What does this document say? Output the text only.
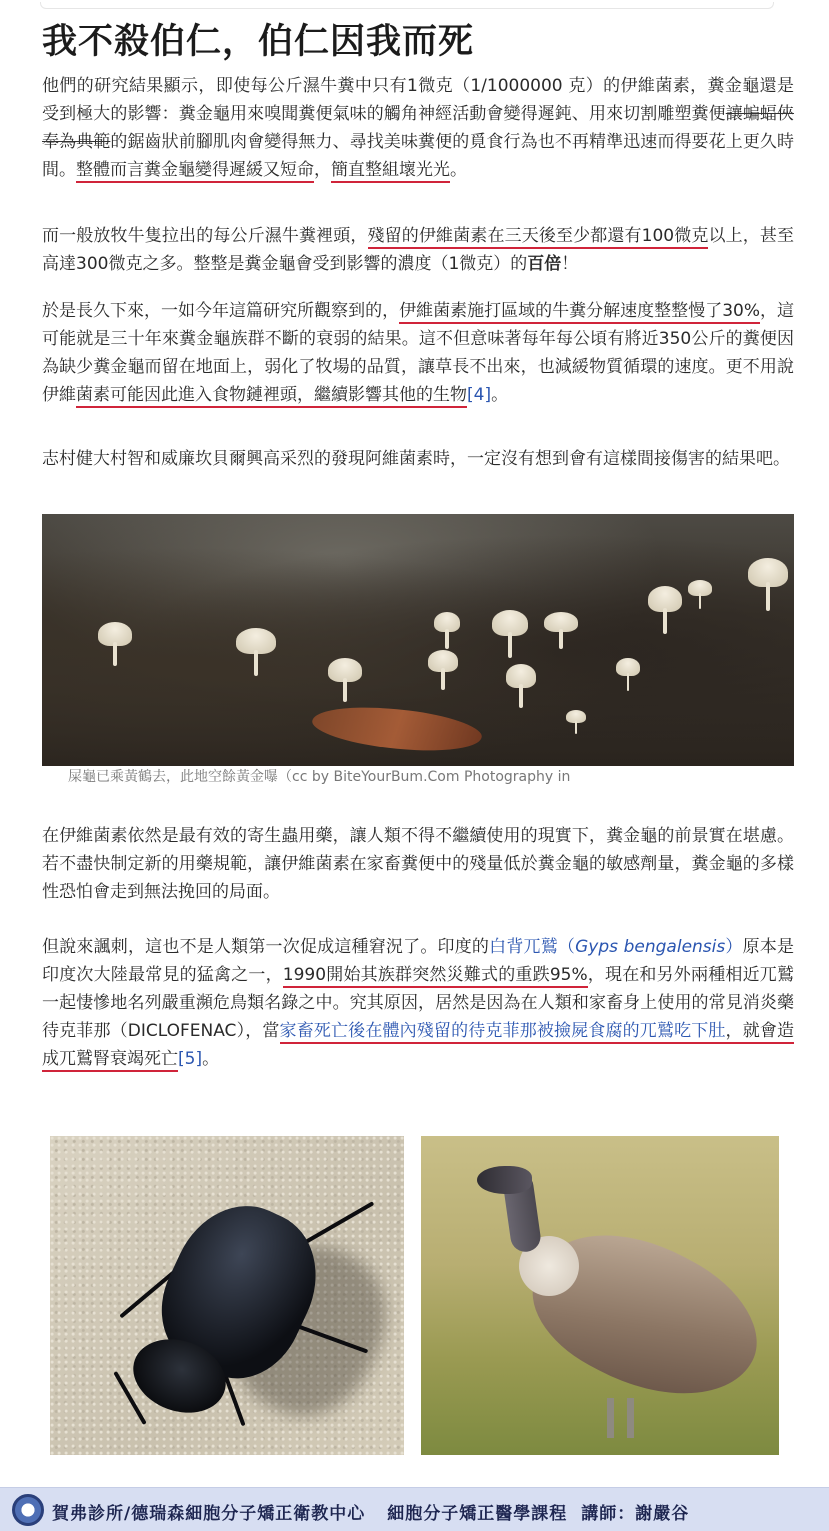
我不殺伯仁，伯仁因我而死

他們的研究結果顯示，即使每公斤濕牛糞中只有1微克（1/1000000 克）的伊維菌素，糞金龜還是受到極大的影響：糞金龜用來嗅聞糞便氣味的觸角神經活動會變得遲鈍、用來切割雕塑糞便讓蝙蝠俠奉為典範的鋸齒狀前腳肌肉會變得無力、尋找美味糞便的覓食行為也不再精準迅速而得要花上更久時間。整體而言糞金龜變得遲緩又短命，簡直整組壞光光。

而一般放牧牛隻拉出的每公斤濕牛糞裡頭，殘留的伊維菌素在三天後至少都還有100微克以上，甚至高達300微克之多。整整是糞金龜會受到影響的濃度（1微克）的百倍！

於是長久下來，一如今年這篇研究所觀察到的，伊維菌素施打區域的牛糞分解速度整整慢了30%，這可能就是三十年來糞金龜族群不斷的衰弱的結果。這不但意味著每年每公頃有將近350公斤的糞便因為缺少糞金龜而留在地面上，弱化了牧場的品質，讓草長不出來，也減緩物質循環的速度。更不用說伊維菌素可能因此進入食物鏈裡頭，繼續影響其他的生物[4]。

志村健大村智和威廉坎貝爾興高采烈的發現阿維菌素時，一定沒有想到會有這樣間接傷害的結果吧。

屎龜已乘黃鶴去，此地空餘黃金嚗（cc by BiteYourBum.Com Photography in

在伊維菌素依然是最有效的寄生蟲用藥，讓人類不得不繼續使用的現實下，糞金龜的前景實在堪慮。若不盡快制定新的用藥規範，讓伊維菌素在家畜糞便中的殘量低於糞金龜的敏感劑量，糞金龜的多樣性恐怕會走到無法挽回的局面。

但說來諷刺，這也不是人類第一次促成這種窘況了。印度的白背兀鷲（Gyps bengalensis）原本是印度次大陸最常見的猛禽之一，1990開始其族群突然災難式的重跌95%，現在和另外兩種相近兀鷲一起悽慘地名列嚴重瀕危鳥類名錄之中。究其原因，居然是因為在人類和家畜身上使用的常見消炎藥待克菲那（DICLOFENAC），當家畜死亡後在體內殘留的待克菲那被撿屍食腐的兀鷲吃下肚，就會造成兀鷲腎衰竭死亡[5]。

賀弗診所/德瑞森細胞分子矯正衛教中心 細胞分子矯正醫學課程 講師：謝嚴谷
